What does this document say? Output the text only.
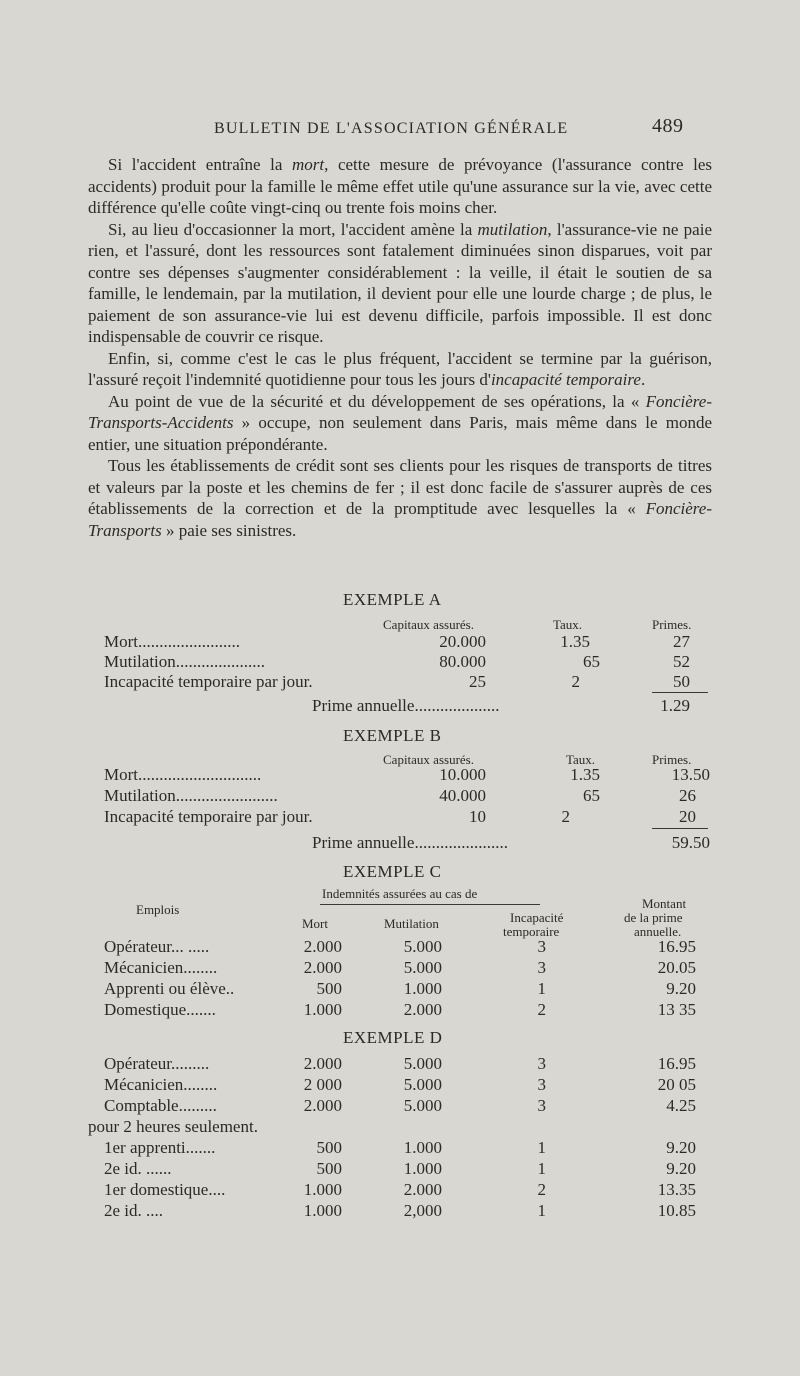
BULLETIN DE L'ASSOCIATION GÉNÉRALE	489

Si l'accident entraîne la mort, cette mesure de prévoyance (l'assurance contre les accidents) produit pour la famille le même effet utile qu'une assurance sur la vie, avec cette différence qu'elle coûte vingt-cinq ou trente fois moins cher.

Si, au lieu d'occasionner la mort, l'accident amène la mutilation, l'assurance-vie ne paie rien, et l'assuré, dont les ressources sont fatalement diminuées sinon disparues, voit par contre ses dépenses s'augmenter considérablement : la veille, il était le soutien de sa famille, le lendemain, par la mutilation, il devient pour elle une lourde charge ; de plus, le paiement de son assurance-vie lui est devenu difficile, parfois impossible. Il est donc indispensable de couvrir ce risque.

Enfin, si, comme c'est le cas le plus fréquent, l'accident se termine par la guérison, l'assuré reçoit l'indemnité quotidienne pour tous les jours d'incapacité temporaire.

Au point de vue de la sécurité et du développement de ses opérations, la « Foncière-Transports-Accidents » occupe, non seulement dans Paris, mais même dans le monde entier, une situation prépondérante.

Tous les établissements de crédit sont ses clients pour les risques de transports de titres et valeurs par la poste et les chemins de fer ; il est donc facile de s'assurer auprès de ces établissements de la correction et de la promptitude avec lesquelles la « Foncière-Transports » paie ses sinistres.

EXEMPLE A
Capitaux assurés.	Taux.	Primes.
Mort........................	20.000	1.35	27
Mutilation.....................	80.000	65	52
Incapacité temporaire par jour.	25	2	50
Prime annuelle....................	1.29
EXEMPLE B
Capitaux assurés.	Taux.	Primes.
Mort.............................	10.000	1.35	13.50
Mutilation........................	40.000	65	26
Incapacité temporaire par jour.	10	2	20
Prime annuelle......................	59.50
EXEMPLE C
Indemnités assurées au cas de
Emplois
Mort	Mutilation	Incapacité
temporaire
Montant
de la prime
annuelle.
Opérateur... .....	2.000	5.000	3	16.95
Mécanicien........	2.000	5.000	3	20.05
Apprenti ou élève..	500	1.000	1	9.20
Domestique.......	1.000	2.000	2	13 35
EXEMPLE D
Opérateur.........	2.000	5.000	3	16.95
Mécanicien........	2 000	5.000	3	20 05
Comptable.........	2.000	5.000	3	4.25
pour 2 heures seulement.
1er apprenti.......	500	1.000	1	9.20
2e id. ......	500	1.000	1	9.20
1er domestique....	1.000	2.000	2	13.35
2e id. ....	1.000	2,000	1	10.85
